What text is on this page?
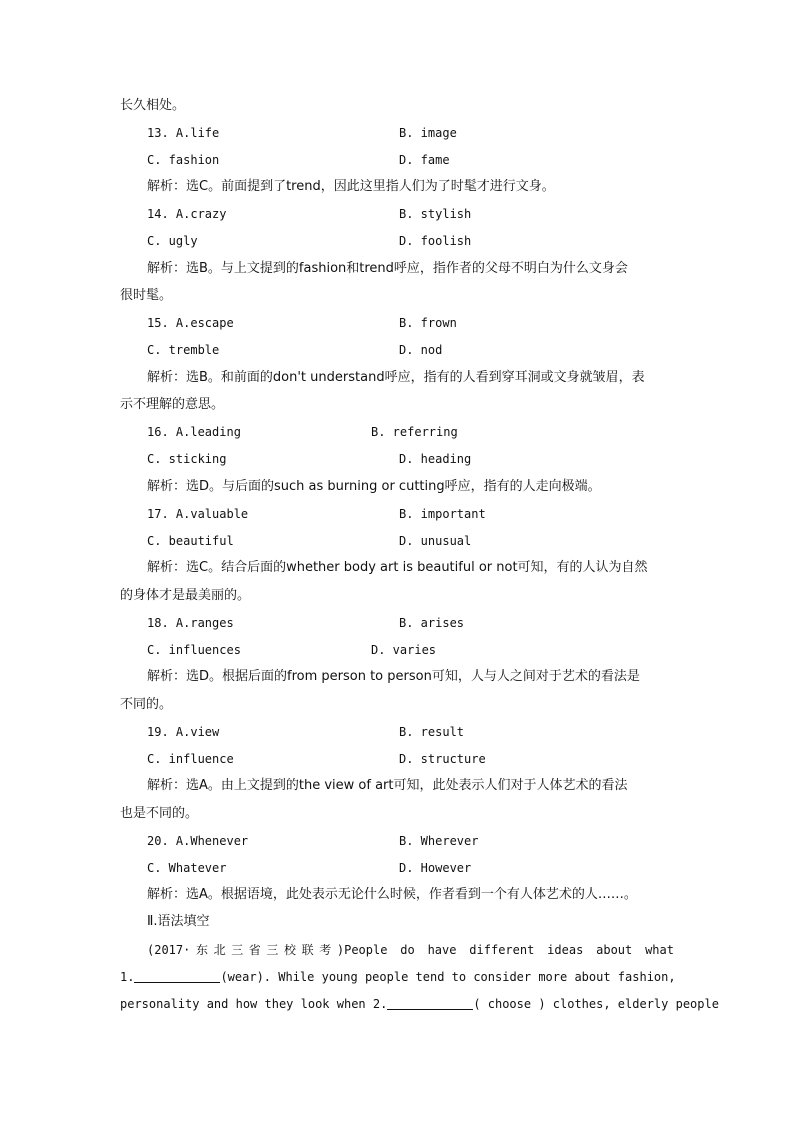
长久相处。
13. A.life	B. image
C. fashion	D. fame
解析：选C。前面提到了trend，因此这里指人们为了时髦才进行文身。
14. A.crazy	B. stylish
C. ugly	D. foolish
解析：选B。与上文提到的fashion和trend呼应，指作者的父母不明白为什么文身会
很时髦。
15. A.escape	B. frown
C. tremble	D. nod
解析：选B。和前面的don't understand呼应，指有的人看到穿耳洞或文身就皱眉，表
示不理解的意思。
16. A.leading	B. referring
C. sticking	D. heading
解析：选D。与后面的such as burning or cutting呼应，指有的人走向极端。
17. A.valuable	B. important
C. beautiful	D. unusual
解析：选C。结合后面的whether body art is beautiful or not可知，有的人认为自然
的身体才是最美丽的。
18. A.ranges	B. arises
C. influences	D. varies
解析：选D。根据后面的from person to person可知，人与人之间对于艺术的看法是
不同的。
19. A.view	B. result
C. influence	D. structure
解析：选A。由上文提到的the view of art可知，此处表示人们对于人体艺术的看法
也是不同的。
20. A.Whenever	B. Wherever
C. Whatever	D. However
解析：选A。根据语境，此处表示无论什么时候，作者看到一个有人体艺术的人……。
Ⅱ.语法填空
(2017·东北三省三校联考)People do have different ideas about what
1.	(wear). While young people tend to consider more about fashion,
personality and how they look when 2.	( choose ) clothes, elderly people
